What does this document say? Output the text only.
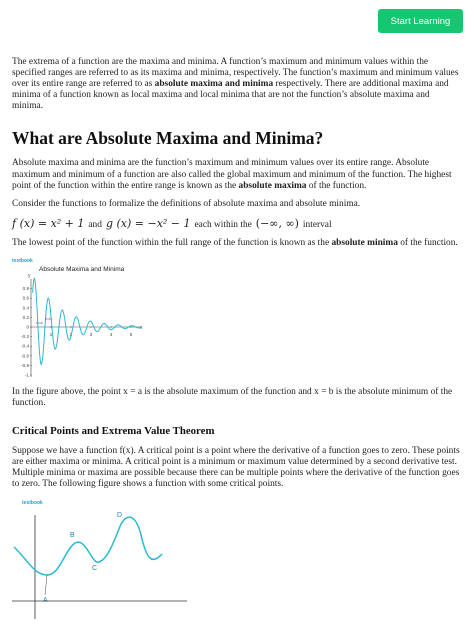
Start Learning

The extrema of a function are the maxima and minima. A function’s maximum and minimum values within the specified ranges are referred to as its maxima and minima, respectively. The function’s maximum and minimum values over its entire range are referred to as absolute maxima and minima respectively. There are additional maxima and minima of a function known as local maxima and local minima that are not the function’s absolute maxima and minima.

What are Absolute Maxima and Minima?

Absolute maxima and minima are the function’s maximum and minimum values over its entire range. Absolute maximum and minimum of a function are also called the global maximum and minimum of the function. The highest point of the function within the entire range is known as the absolute maxima of the function.

Consider the functions to formalize the definitions of absolute maxima and absolute minima.

f (x) = x² + 1 and g (x) = −x² − 1 each within the (−∞, ∞) interval

The lowest point of the function within the full range of the function is known as the absolute minima of the function.

testbook
Absolute Maxima and Minima
y
x
0.8
0.6
0.4
0.2
0
-0.2
-0.4
-0.6
-0.8
-1
1	2	3	4	5
x=a
x=b

In the figure above, the point x = a is the absolute maximum of the function and x = b is the absolute minimum of the function.

Critical Points and Extrema Value Theorem

Suppose we have a function f(x). A critical point is a point where the derivative of a function goes to zero. These points are either maxima or minima. A critical point is a minimum or maximum value determined by a second derivative test. Multiple minima or maxima are possible because there can be multiple points where the derivative of the function goes to zero. The following figure shows a function with some critical points.

testbook
A
B
C
D
